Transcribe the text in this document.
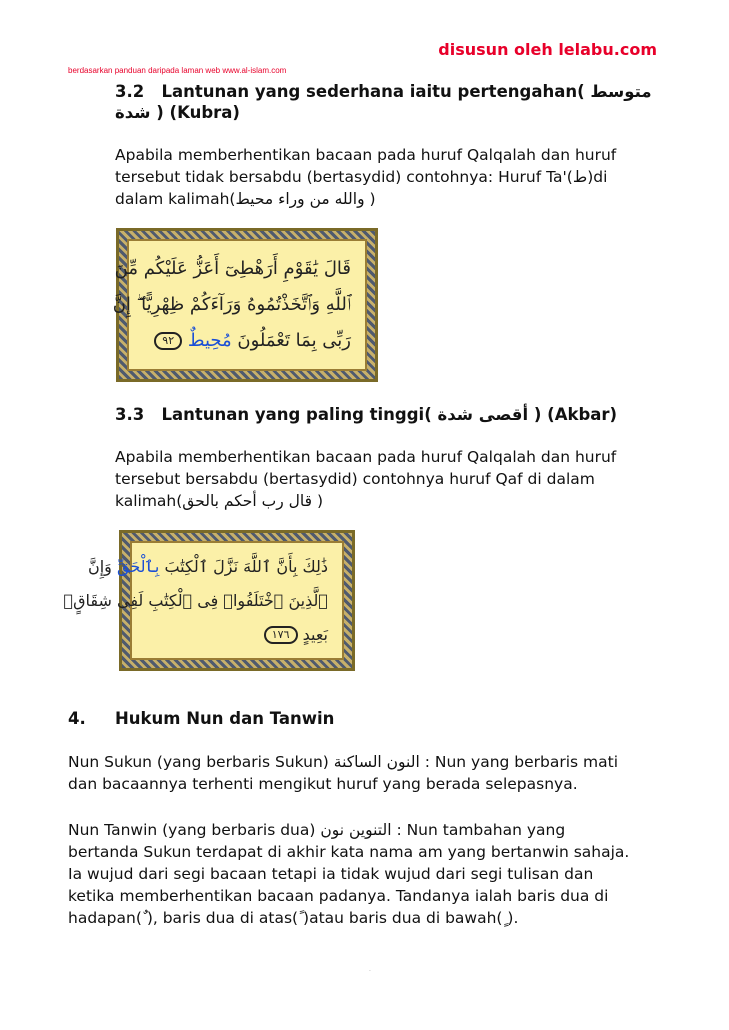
disusun oleh lelabu.com
berdasarkan panduan daripada laman web www.al-islam.com
3.2 Lantunan yang sederhana iaitu pertengahan( متوسط
شدة ) (Kubra)
Apabila memberhentikan bacaan pada huruf Qalqalah dan huruf
tersebut tidak bersabdu (bertasydid) contohnya: Huruf Ta'(ط)di
dalam kalimah(والله من وراء محيط )
قَالَ يَٰقَوْمِ أَرَهْطِىٓ أَعَزُّ عَلَيْكُم مِّنَ
ٱللَّهِ وَٱتَّخَذْتُمُوهُ وَرَآءَكُمْ ظِهْرِيًّا ۖ إِنَّ
رَبِّى بِمَا تَعْمَلُونَ مُحِيطٌ ٩٢
3.3 Lantunan yang paling tinggi( أقصى شدة ) (Akbar)
Apabila memberhentikan bacaan pada huruf Qalqalah dan huruf
tersebut bersabdu (bertasydid) contohnya huruf Qaf di dalam
kalimah(قال رب أحكم بالحق )
ذَٰلِكَ بِأَنَّ ٱللَّهَ نَزَّلَ ٱلْكِتَٰبَ بِٱلْحَقِّ وَإِنَّ
ٱلَّذِينَ ٱخْتَلَفُوا۟ فِى ٱلْكِتَٰبِ لَفِى شِقَاقٍۭ
بَعِيدٍ ١٧٦
4. Hukum Nun dan Tanwin
Nun Sukun (yang berbaris Sukun) النون الساكنة : Nun yang berbaris mati
dan bacaannya terhenti mengikut huruf yang berada selepasnya.
Nun Tanwin (yang berbaris dua) التنوين نون : Nun tambahan yang
bertanda Sukun terdapat di akhir kata nama am yang bertanwin sahaja.
Ia wujud dari segi bacaan tetapi ia tidak wujud dari segi tulisan dan
ketika memberhentikan bacaan padanya. Tandanya ialah baris dua di
hadapan( ), baris dua di atas( )atau baris dua di bawah( ).
·
